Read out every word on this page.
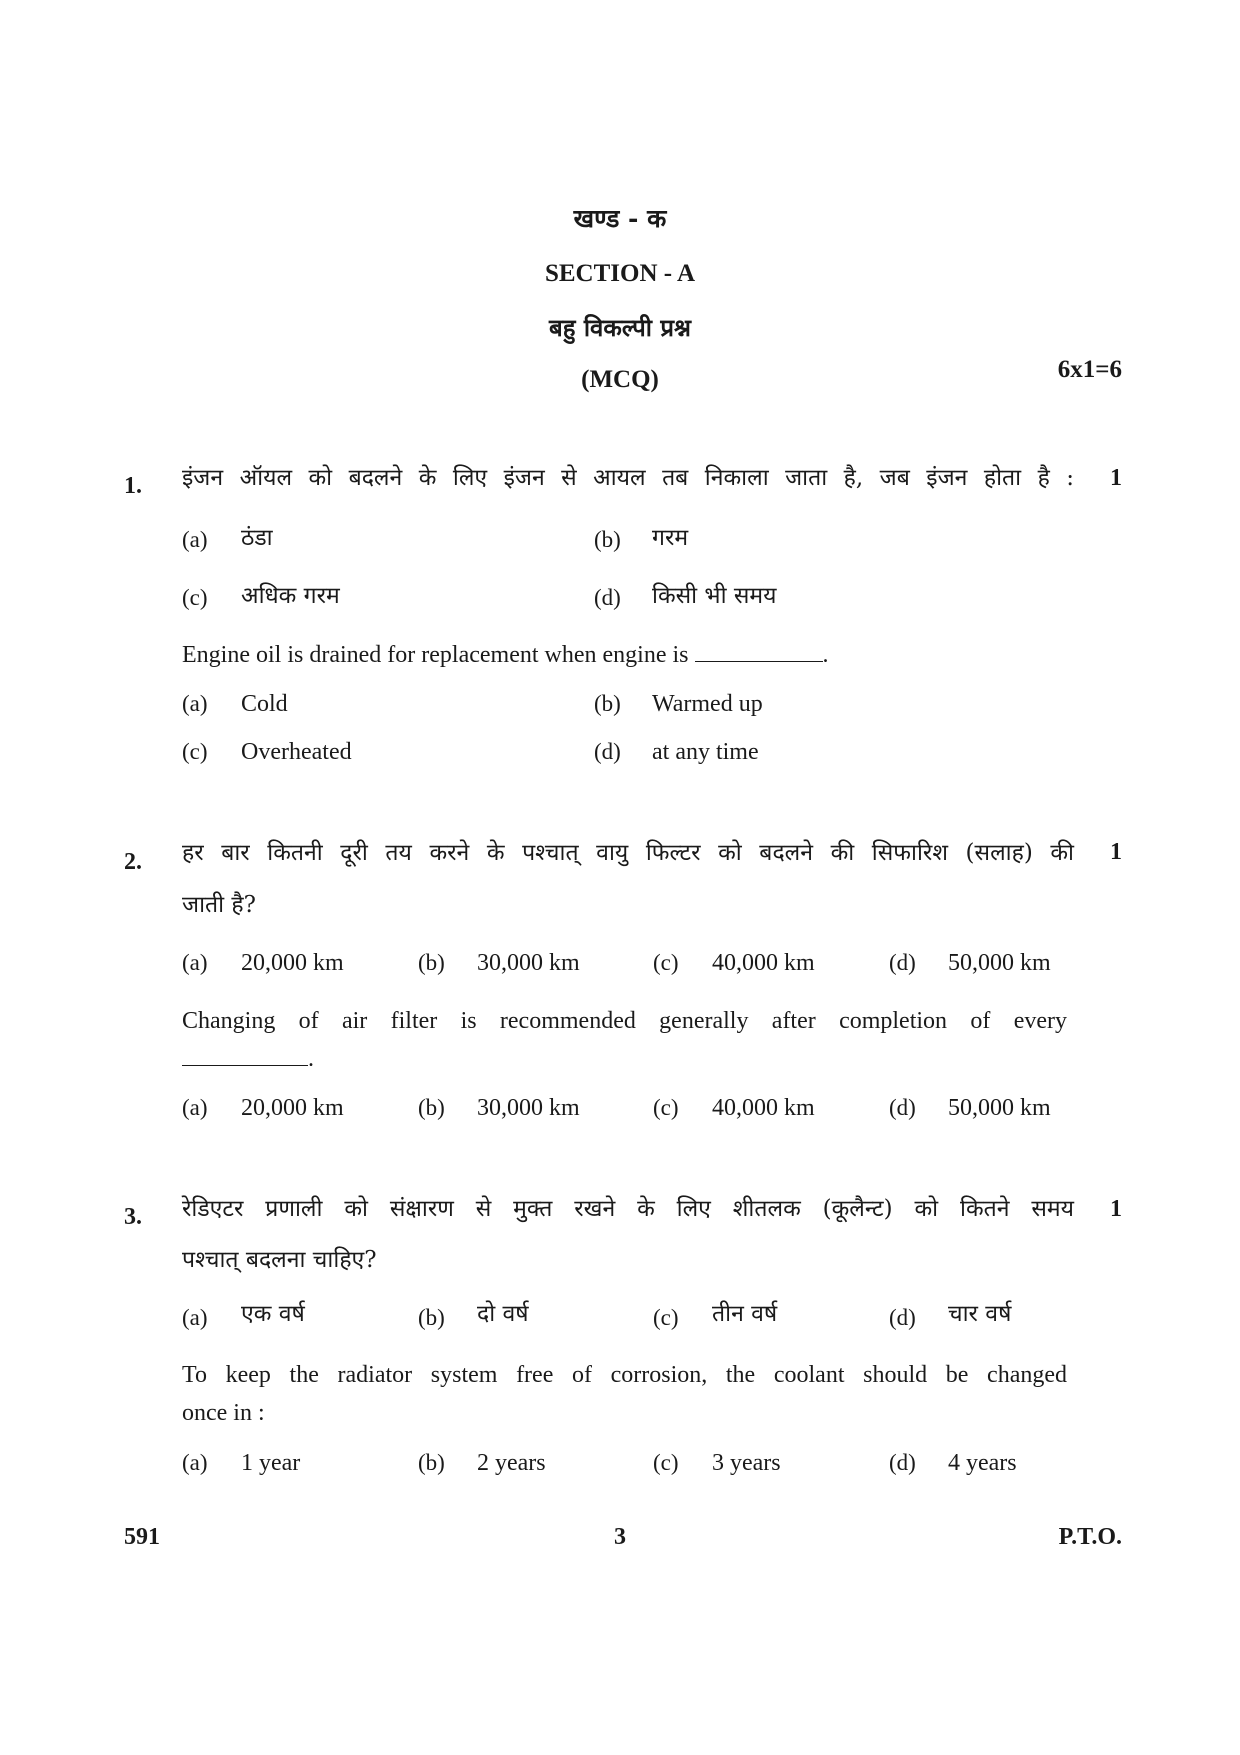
खण्ड - क
SECTION - A
बहु विकल्पी प्रश्न
(MCQ)	6x1=6
1.	1
इंजन ऑयल को बदलने के लिए इंजन से आयल तब निकाला जाता है, जब इंजन होता है :
(a) ठंडा	(b) गरम
(c) अधिक गरम	(d) किसी भी समय
Engine oil is drained for replacement when engine is	.
(a) Cold	(b) Warmed up
(c) Overheated	(d) at any time
2.	1
हर बार कितनी दूरी तय करने के पश्चात् वायु फिल्टर को बदलने की सिफारिश (सलाह) की
जाती है?
(a) 20,000 km	(b) 30,000 km	(c) 40,000 km	(d) 50,000 km
Changing of air filter is recommended generally after completion of every
.
(a) 20,000 km	(b) 30,000 km	(c) 40,000 km	(d) 50,000 km
3.	1
रेडिएटर प्रणाली को संक्षारण से मुक्त रखने के लिए शीतलक (कूलैन्ट) को कितने समय
पश्चात् बदलना चाहिए?
(a) एक वर्ष	(b) दो वर्ष	(c) तीन वर्ष	(d) चार वर्ष
To keep the radiator system free of corrosion, the coolant should be changed
once in :
(a) 1 year	(b) 2 years	(c) 3 years	(d) 4 years
591	3	P.T.O.
